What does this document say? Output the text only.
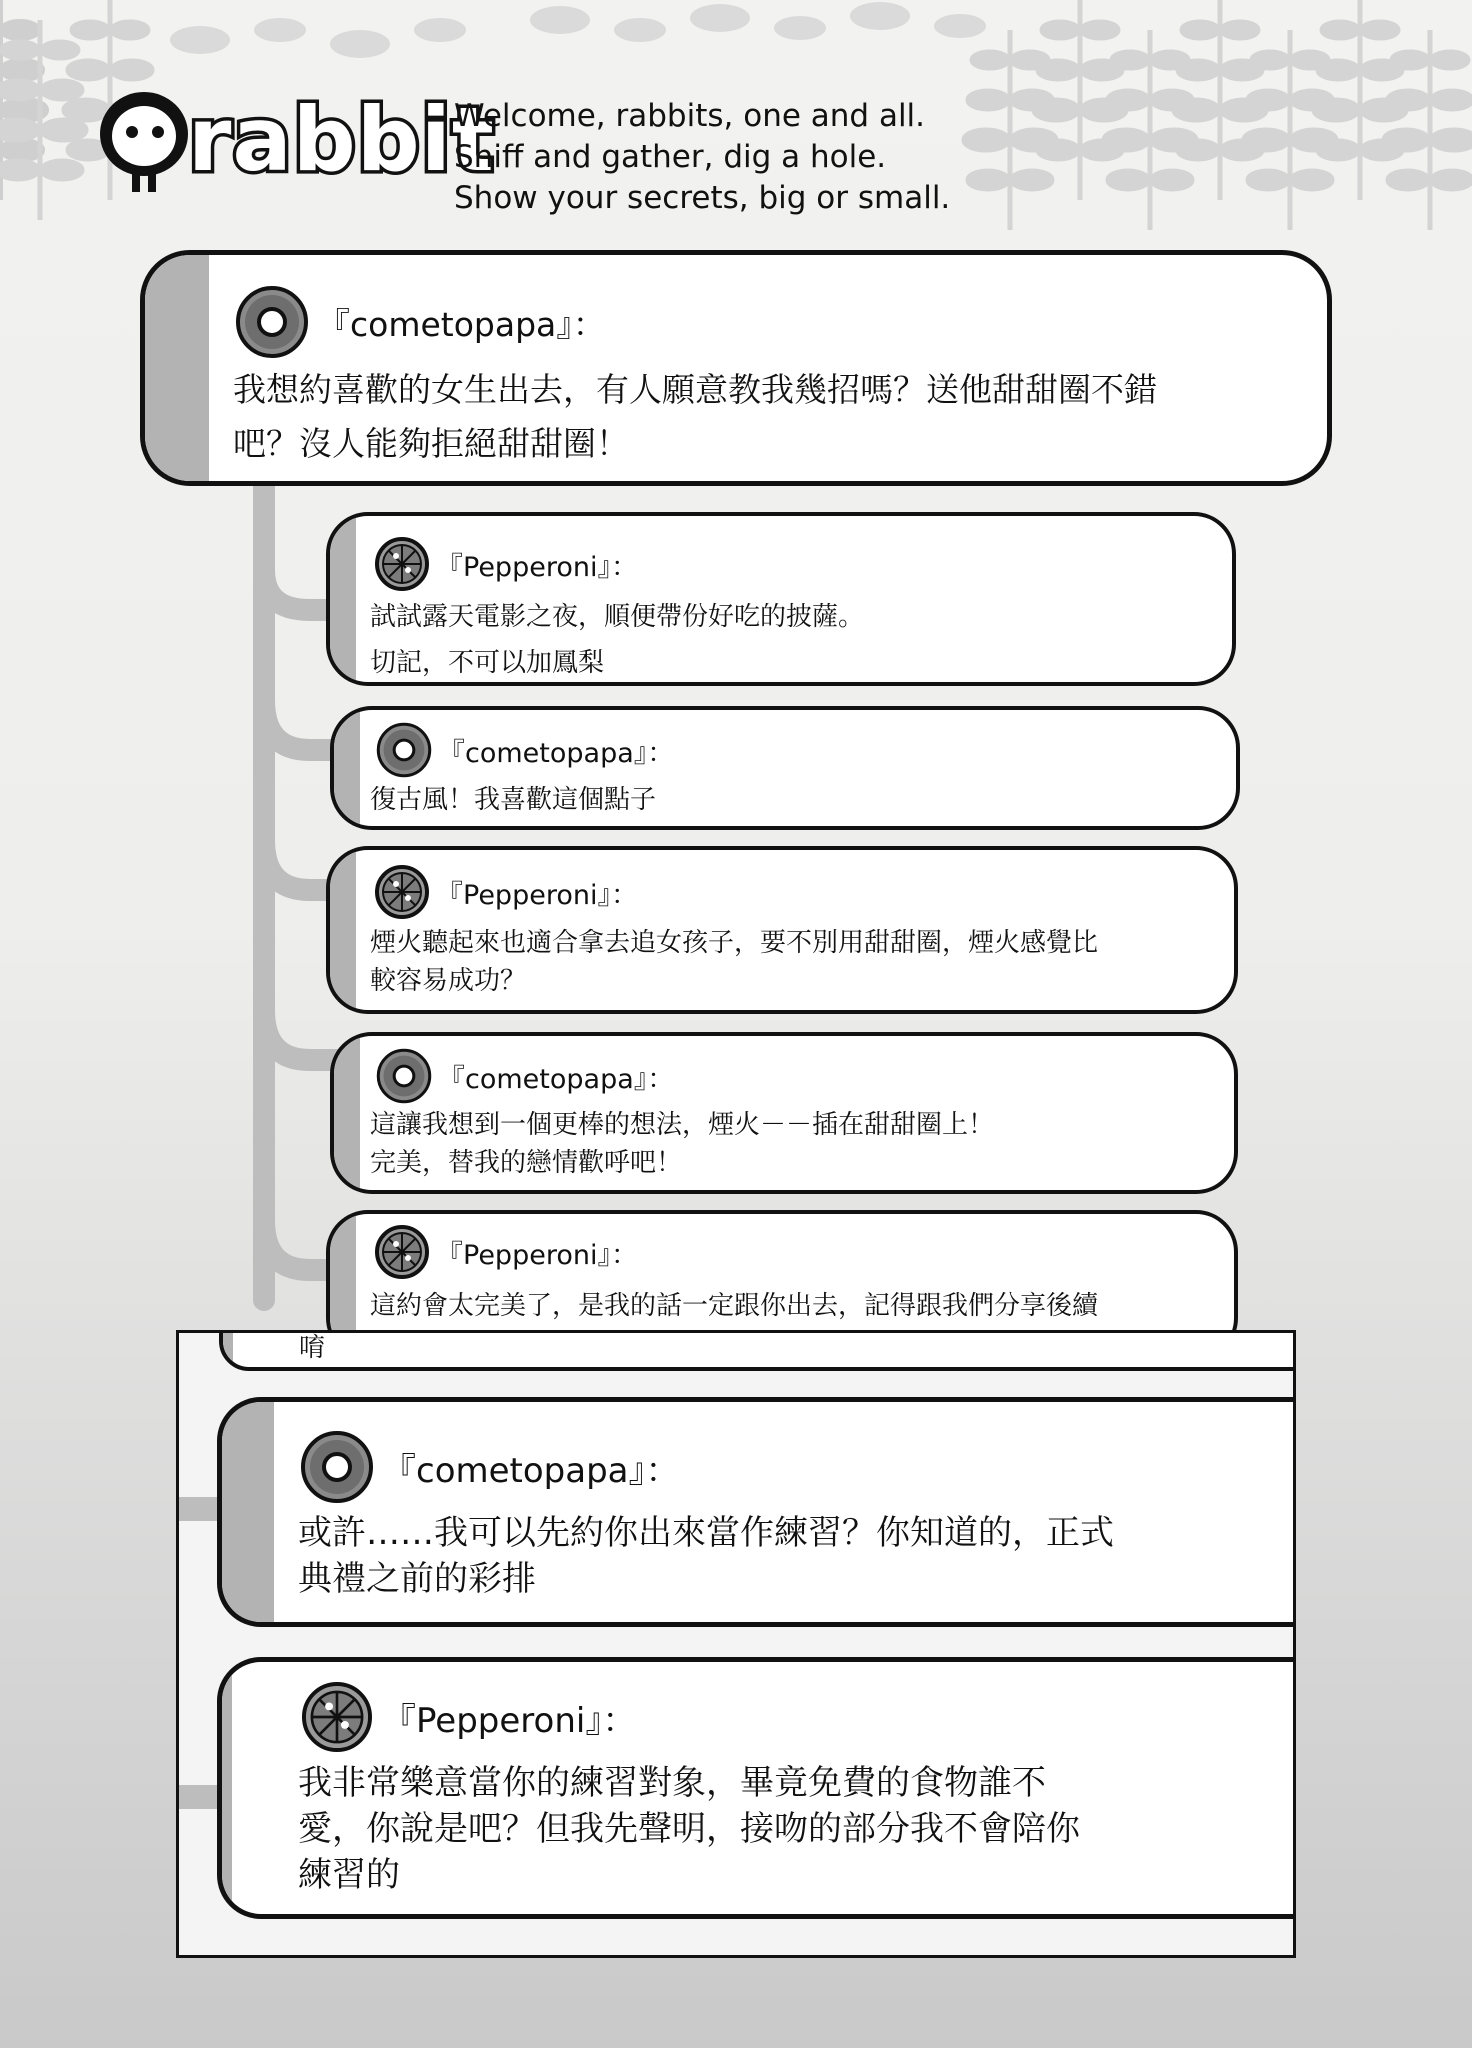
rabbit
Welcome, rabbits, one and all.
Sniff and gather, dig a hole.
Show your secrets, big or small.
『cometopapa』：
我想約喜歡的女生出去，有人願意教我幾招嗎？送他甜甜圈不錯
吧？沒人能夠拒絕甜甜圈！
『Pepperoni』：
試試露天電影之夜，順便帶份好吃的披薩。
切記，不可以加鳳梨
『cometopapa』：
復古風！我喜歡這個點子
『Pepperoni』：
煙火聽起來也適合拿去追女孩子，要不別用甜甜圈，煙火感覺比
較容易成功？
『cometopapa』：
這讓我想到一個更棒的想法，煙火－－插在甜甜圈上！
完美，替我的戀情歡呼吧！
『Pepperoni』：
這約會太完美了，是我的話一定跟你出去，記得跟我們分享後續
唷
『cometopapa』：
或許……我可以先約你出來當作練習？你知道的，正式
典禮之前的彩排
『Pepperoni』：
我非常樂意當你的練習對象，畢竟免費的食物誰不
愛，你說是吧？但我先聲明，接吻的部分我不會陪你
練習的
